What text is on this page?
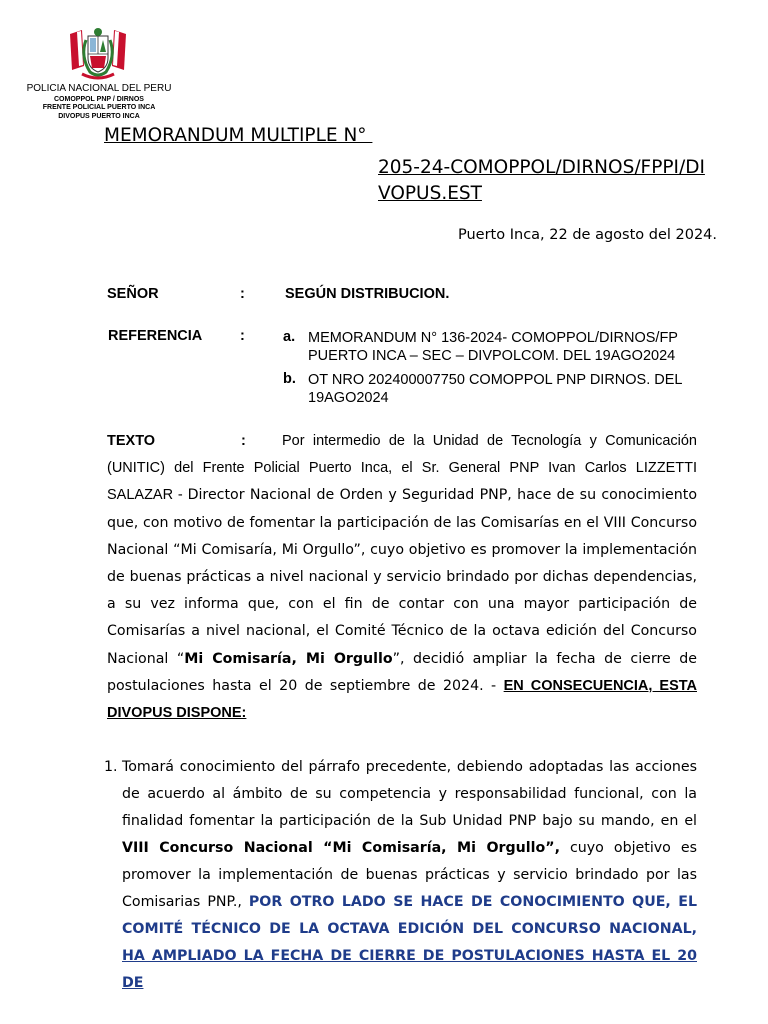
POLICIA NACIONAL DEL PERU
COMOPPOL PNP / DIRNOS
FRENTE POLICIAL PUERTO INCA
DIVOPUS PUERTO INCA
MEMORANDUM MULTIPLE N°
205-24-COMOPPOL/DIRNOS/FPPI/DIVOPUS.EST
Puerto Inca, 22 de agosto del 2024.
SEÑOR	:	SEGÚN DISTRIBUCION.
REFERENCIA	:	a. MEMORANDUM N° 136-2024- COMOPPOL/DIRNOS/FP PUERTO INCA – SEC – DIVPOLCOM. DEL 19AGO2024
b. OT NRO 202400007750 COMOPPOL PNP DIRNOS. DEL 19AGO2024
TEXTO	: Por intermedio de la Unidad de Tecnología y Comunicación (UNITIC) del Frente Policial Puerto Inca, el Sr. General PNP Ivan Carlos LIZZETTI SALAZAR - Director Nacional de Orden y Seguridad PNP, hace de su conocimiento que, con motivo de fomentar la participación de las Comisarías en el VIII Concurso Nacional “Mi Comisaría, Mi Orgullo”, cuyo objetivo es promover la implementación de buenas prácticas a nivel nacional y servicio brindado por dichas dependencias, a su vez informa que, con el fin de contar con una mayor participación de Comisarías a nivel nacional, el Comité Técnico de la octava edición del Concurso Nacional “Mi Comisaría, Mi Orgullo”, decidió ampliar la fecha de cierre de postulaciones hasta el 20 de septiembre de 2024. - EN CONSECUENCIA, ESTA DIVOPUS DISPONE:
1. Tomará conocimiento del párrafo precedente, debiendo adoptadas las acciones de acuerdo al ámbito de su competencia y responsabilidad funcional, con la finalidad fomentar la participación de la Sub Unidad PNP bajo su mando, en el VIII Concurso Nacional “Mi Comisaría, Mi Orgullo”, cuyo objetivo es promover la implementación de buenas prácticas y servicio brindado por las Comisarias PNP., POR OTRO LADO SE HACE DE CONOCIMIENTO QUE, EL COMITÉ TÉCNICO DE LA OCTAVA EDICIÓN DEL CONCURSO NACIONAL, HA AMPLIADO LA FECHA DE CIERRE DE POSTULACIONES HASTA EL 20 DE
